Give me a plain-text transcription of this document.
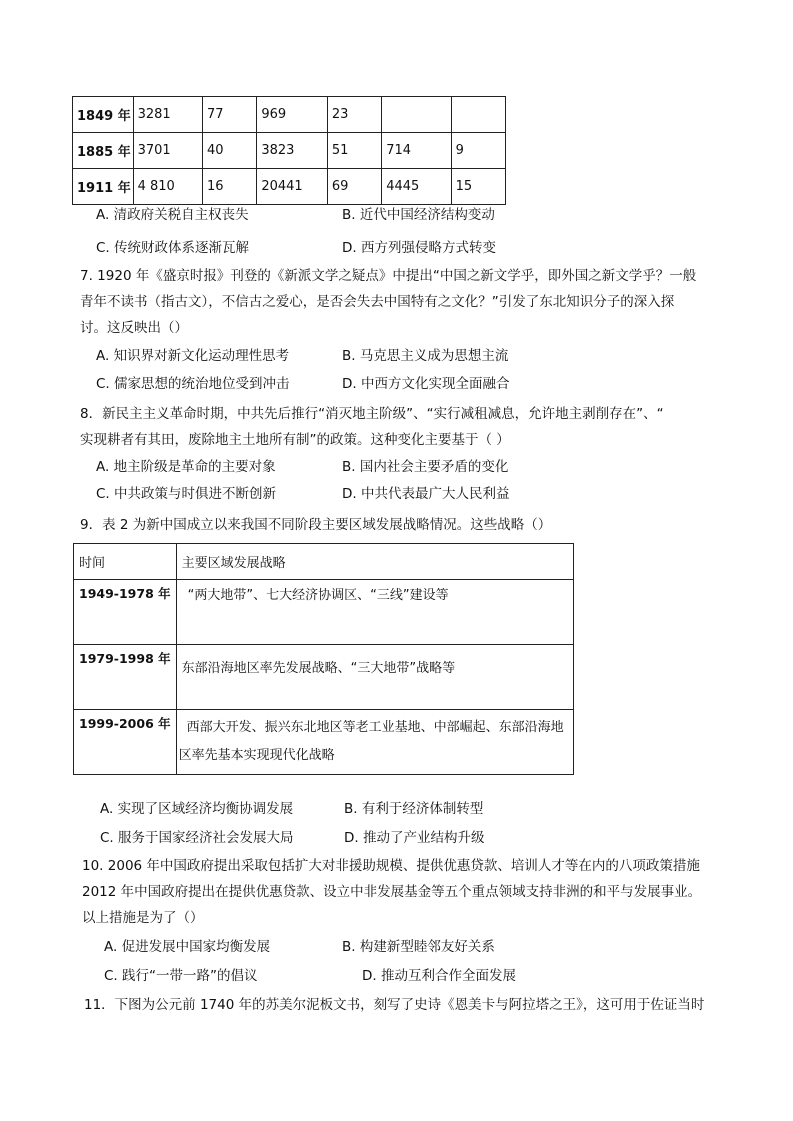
1849 年	3281	77	969	23		
1885 年	3701	40	3823	51	714	9
1911 年	4 810	16	20441	69	4445	15
A. 清政府关税自主权丧失	B. 近代中国经济结构变动
C. 传统财政体系逐渐瓦解	D. 西方列强侵略方式转变
7. 1920 年《盛京时报》刊登的《新派文学之疑点》中提出“中国之新文学乎，即外国之新文学乎？一般
青年不读书（指古文），不信古之爱心，是否会失去中国特有之文化？”引发了东北知识分子的深入探
讨。这反映出（）
A. 知识界对新文化运动理性思考	B. 马克思主义成为思想主流
C. 儒家思想的统治地位受到冲击	D. 中西方文化实现全面融合
8．新民主主义革命时期，中共先后推行“消灭地主阶级”、“实行减租减息，允许地主剥削存在”、“
实现耕者有其田，废除地主土地所有制”的政策。这种变化主要基于（ ）
A. 地主阶级是革命的主要对象	B. 国内社会主要矛盾的变化
C. 中共政策与时俱进不断创新	D. 中共代表最广大人民利益
9．表 2 为新中国成立以来我国不同阶段主要区域发展战略情况。这些战略（）
时间	主要区域发展战略
1949-1978 年	“两大地带”、七大经济协调区、“三线”建设等
1979-1998 年	东部沿海地区率先发展战略、“三大地带”战略等

1999-2006 年	西部大开发、振兴东北地区等老工业基地、中部崛起、东部沿海地
区率先基本实现现代化战略
A. 实现了区域经济均衡协调发展	B. 有利于经济体制转型
C. 服务于国家经济社会发展大局	D. 推动了产业结构升级
10. 2006 年中国政府提出采取包括扩大对非援助规模、提供优惠贷款、培训人才等在内的八项政策措施
2012 年中国政府提出在提供优惠贷款、设立中非发展基金等五个重点领域支持非洲的和平与发展事业。
以上措施是为了（）
A. 促进发展中国家均衡发展	B. 构建新型睦邻友好关系
C. 践行“一带一路”的倡议	D. 推动互利合作全面发展
11．下图为公元前 1740 年的苏美尔泥板文书，刻写了史诗《恩美卡与阿拉塔之王》，这可用于佐证当时
